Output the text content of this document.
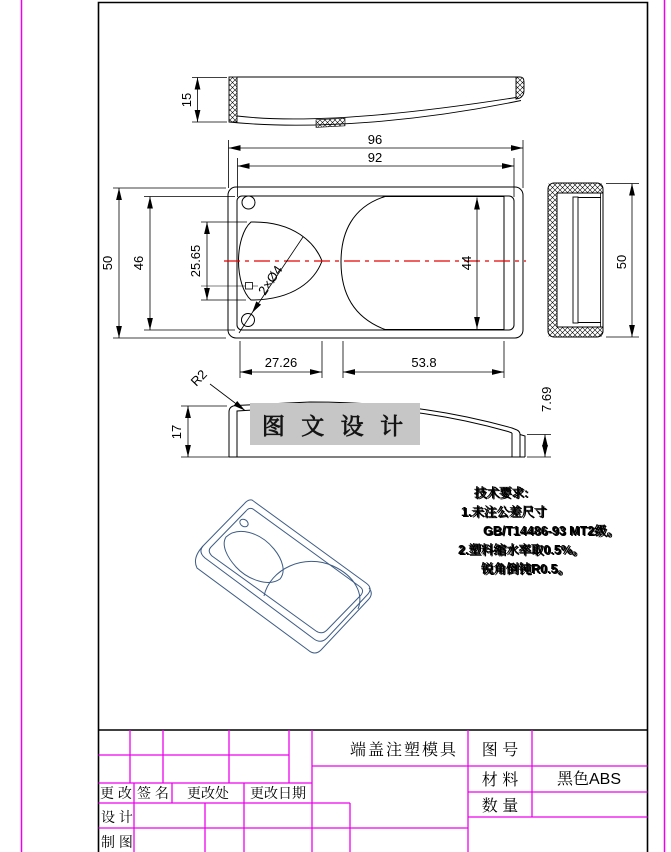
15
96
92
50 46	25.65
2×Ø4	44
27.26	53.8
50
17
R2
7.69
端盖注塑模具 图 号
材 料 黑色ABS
数 量
更 改 签 名 更改处 更改日期
设 计
制 图
图 文 设 计
技术要求:
1.未注公差尺寸
GB/T14486-93 MT2级。
2.塑料缩水率取0.5%。
锐角倒钝R0.5。
